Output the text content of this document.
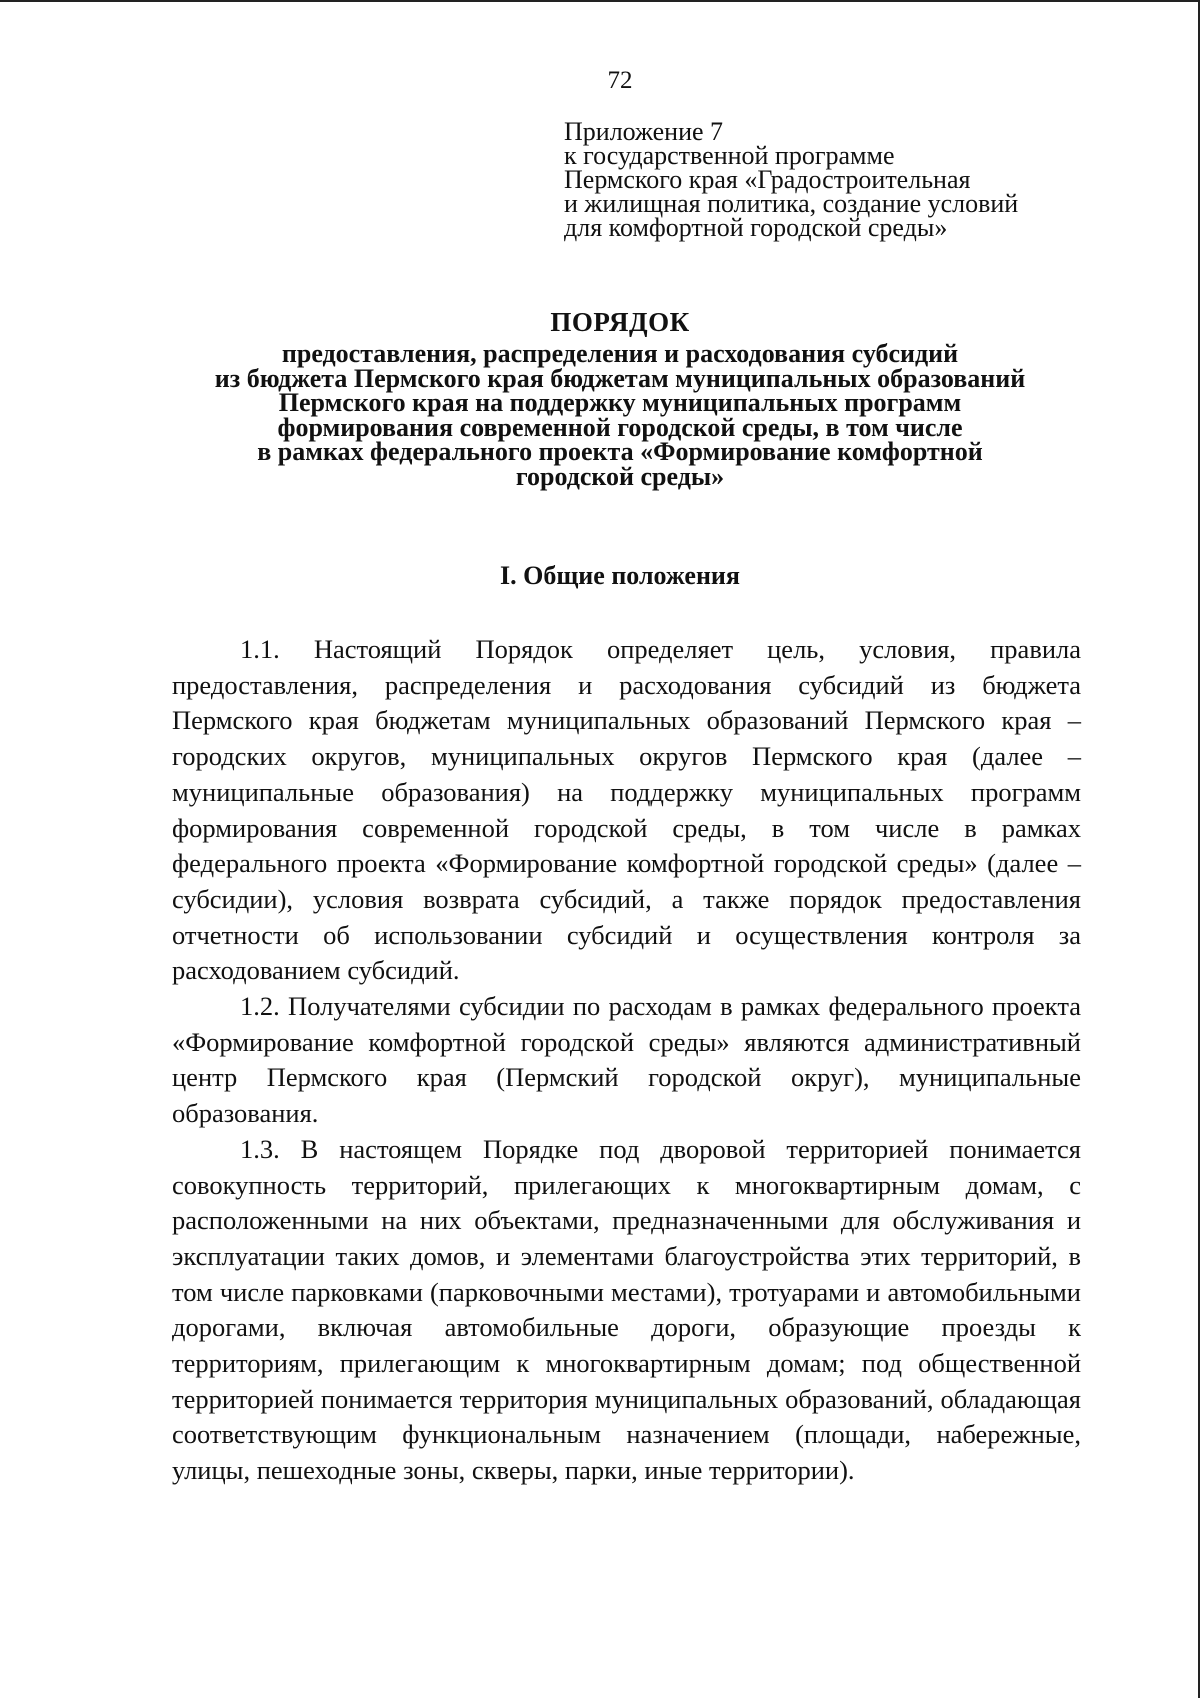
72
Приложение 7
к государственной программе
Пермского края «Градостроительная
и жилищная политика, создание условий
для комфортной городской среды»
ПОРЯДОК
предоставления, распределения и расходования субсидий
из бюджета Пермского края бюджетам муниципальных образований
Пермского края на поддержку муниципальных программ
формирования современной городской среды, в том числе
в рамках федерального проекта «Формирование комфортной
городской среды»
I. Общие положения

1.1. Настоящий Порядок определяет цель, условия, правила предоставления, распределения и расходования субсидий из бюджета Пермского края бюджетам муниципальных образований Пермского края – городских округов, муниципальных округов Пермского края (далее – муниципальные образования) на поддержку муниципальных программ формирования современной городской среды, в том числе в рамках федерального проекта «Формирование комфортной городской среды» (далее – субсидии), условия возврата субсидий, а также порядок предоставления отчетности об использовании субсидий и осуществления контроля за расходованием субсидий.

1.2. Получателями субсидии по расходам в рамках федерального проекта «Формирование комфортной городской среды» являются административный центр Пермского края (Пермский городской округ), муниципальные образования.

1.3. В настоящем Порядке под дворовой территорией понимается совокупность территорий, прилегающих к многоквартирным домам, с расположенными на них объектами, предназначенными для обслуживания и эксплуатации таких домов, и элементами благоустройства этих территорий, в том числе парковками (парковочными местами), тротуарами и автомобильными дорогами, включая автомобильные дороги, образующие проезды к территориям, прилегающим к многоквартирным домам; под общественной территорией понимается территория муниципальных образований, обладающая соответствующим функциональным назначением (площади, набережные, улицы, пешеходные зоны, скверы, парки, иные территории).
